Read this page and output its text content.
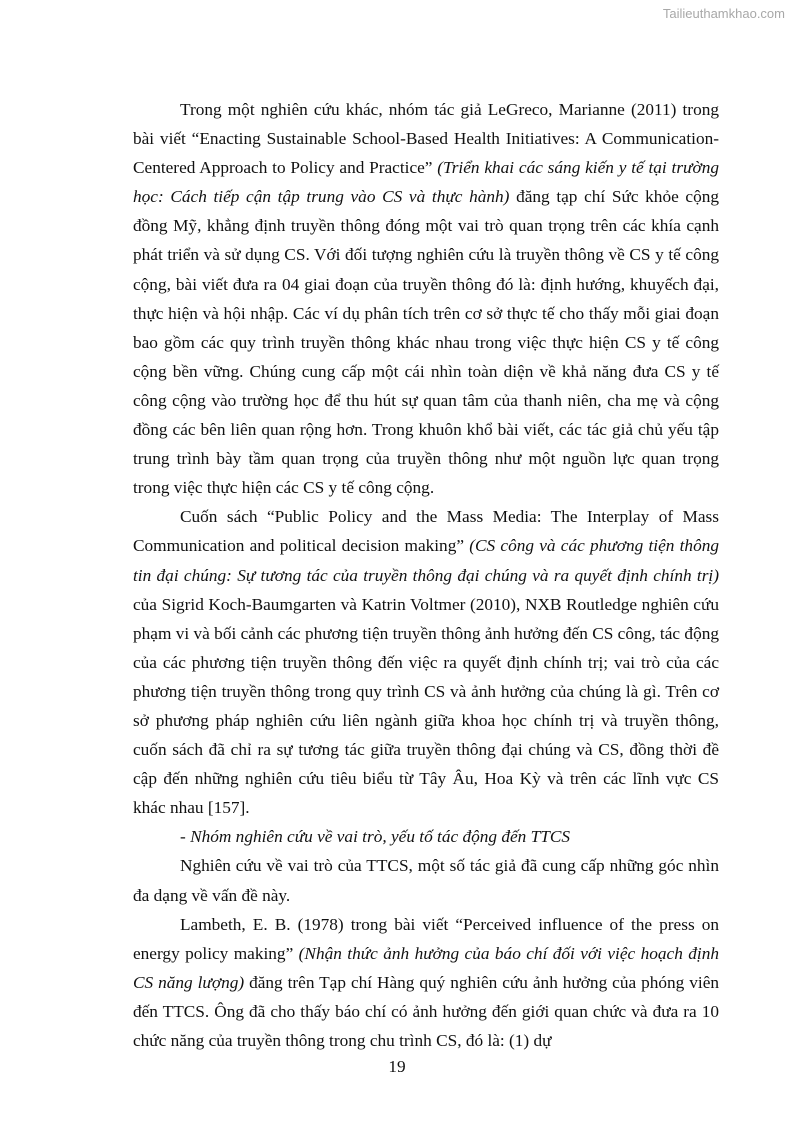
Tailieuthamkhao.com

Trong một nghiên cứu khác, nhóm tác giả LeGreco, Marianne (2011) trong bài viết “Enacting Sustainable School-Based Health Initiatives: A Communication-Centered Approach to Policy and Practice” (Triển khai các sáng kiến y tế tại trường học: Cách tiếp cận tập trung vào CS và thực hành) đăng tạp chí Sức khỏe cộng đồng Mỹ, khẳng định truyền thông đóng một vai trò quan trọng trên các khía cạnh phát triển và sử dụng CS. Với đối tượng nghiên cứu là truyền thông về CS y tế công cộng, bài viết đưa ra 04 giai đoạn của truyền thông đó là: định hướng, khuyếch đại, thực hiện và hội nhập. Các ví dụ phân tích trên cơ sở thực tế cho thấy mỗi giai đoạn bao gồm các quy trình truyền thông khác nhau trong việc thực hiện CS y tế công cộng bền vững. Chúng cung cấp một cái nhìn toàn diện về khả năng đưa CS y tế công cộng vào trường học để thu hút sự quan tâm của thanh niên, cha mẹ và cộng đồng các bên liên quan rộng hơn. Trong khuôn khổ bài viết, các tác giả chủ yếu tập trung trình bày tầm quan trọng của truyền thông như một nguồn lực quan trọng trong việc thực hiện các CS y tế công cộng.

Cuốn sách “Public Policy and the Mass Media: The Interplay of Mass Communication and political decision making” (CS công và các phương tiện thông tin đại chúng: Sự tương tác của truyền thông đại chúng và ra quyết định chính trị) của Sigrid Koch-Baumgarten và Katrin Voltmer (2010), NXB Routledge nghiên cứu phạm vi và bối cảnh các phương tiện truyền thông ảnh hưởng đến CS công, tác động của các phương tiện truyền thông đến việc ra quyết định chính trị; vai trò của các phương tiện truyền thông trong quy trình CS và ảnh hưởng của chúng là gì. Trên cơ sở phương pháp nghiên cứu liên ngành giữa khoa học chính trị và truyền thông, cuốn sách đã chỉ ra sự tương tác giữa truyền thông đại chúng và CS, đồng thời đề cập đến những nghiên cứu tiêu biểu từ Tây Âu, Hoa Kỳ và trên các lĩnh vực CS khác nhau [157].

- Nhóm nghiên cứu về vai trò, yếu tố tác động đến TTCS

Nghiên cứu về vai trò của TTCS, một số tác giả đã cung cấp những góc nhìn đa dạng về vấn đề này.

Lambeth, E. B. (1978) trong bài viết “Perceived influence of the press on energy policy making” (Nhận thức ảnh hưởng của báo chí đối với việc hoạch định CS năng lượng) đăng trên Tạp chí Hàng quý nghiên cứu ảnh hưởng của phóng viên đến TTCS. Ông đã cho thấy báo chí có ảnh hưởng đến giới quan chức và đưa ra 10 chức năng của truyền thông trong chu trình CS, đó là: (1) dự

19
